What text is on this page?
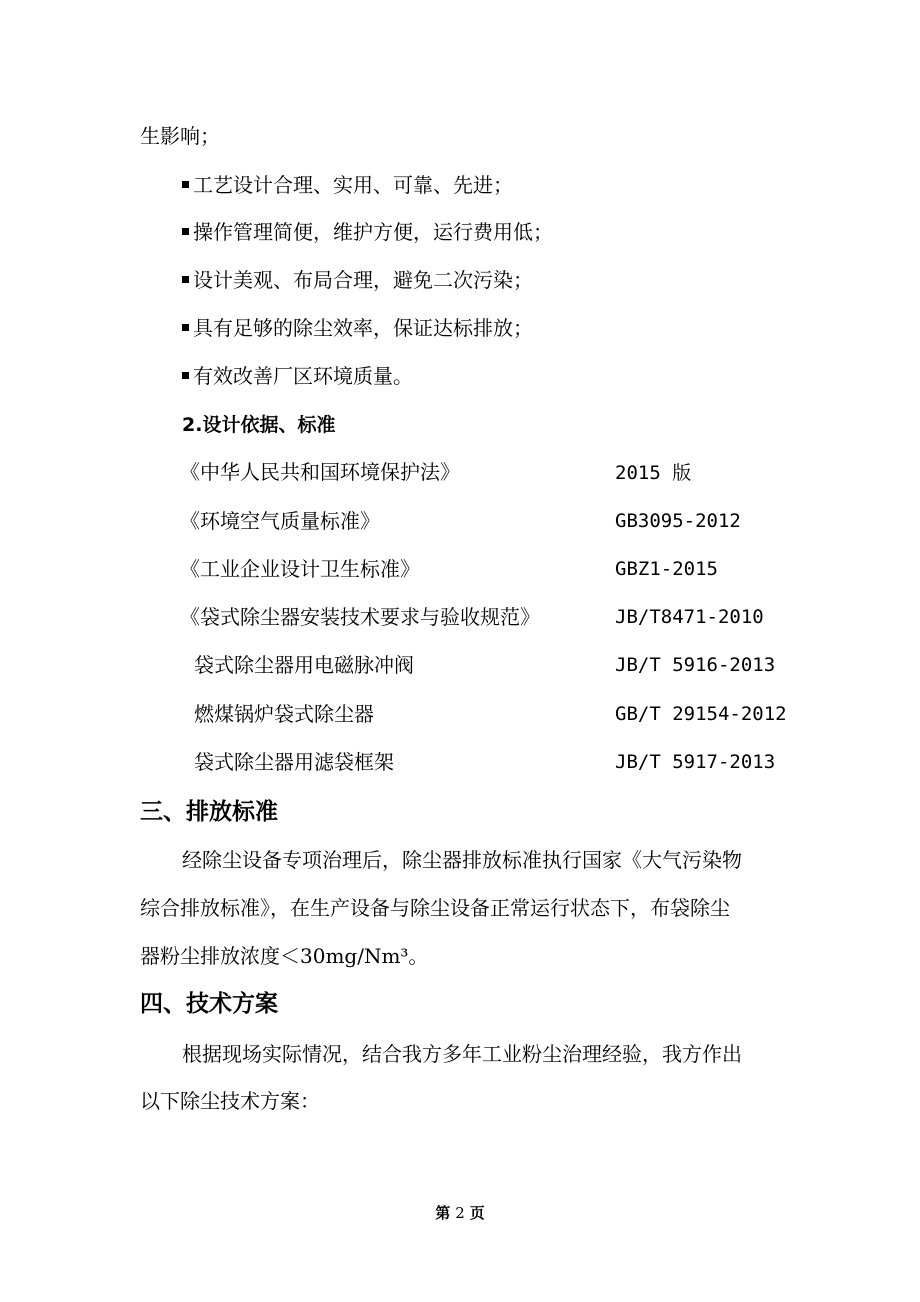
生影响；
工艺设计合理、实用、可靠、先进；
操作管理简便，维护方便，运行费用低；
设计美观、布局合理，避免二次污染；
具有足够的除尘效率，保证达标排放；
有效改善厂区环境质量。
2.设计依据、标准
《中华人民共和国环境保护法》	2015 版
《环境空气质量标准》	GB3095-2012
《工业企业设计卫生标准》	GBZ1-2015
《袋式除尘器安装技术要求与验收规范》	JB/T8471-2010
袋式除尘器用电磁脉冲阀	JB/T 5916-2013
燃煤锅炉袋式除尘器	GB/T 29154-2012
袋式除尘器用滤袋框架	JB/T 5917-2013
三、排放标准
经除尘设备专项治理后，除尘器排放标准执行国家《大气污染物
综合排放标准》，在生产设备与除尘设备正常运行状态下，布袋除尘
器粉尘排放浓度＜30mg/Nm³。
四、技术方案
根据现场实际情况，结合我方多年工业粉尘治理经验，我方作出
以下除尘技术方案：
第 2 页
